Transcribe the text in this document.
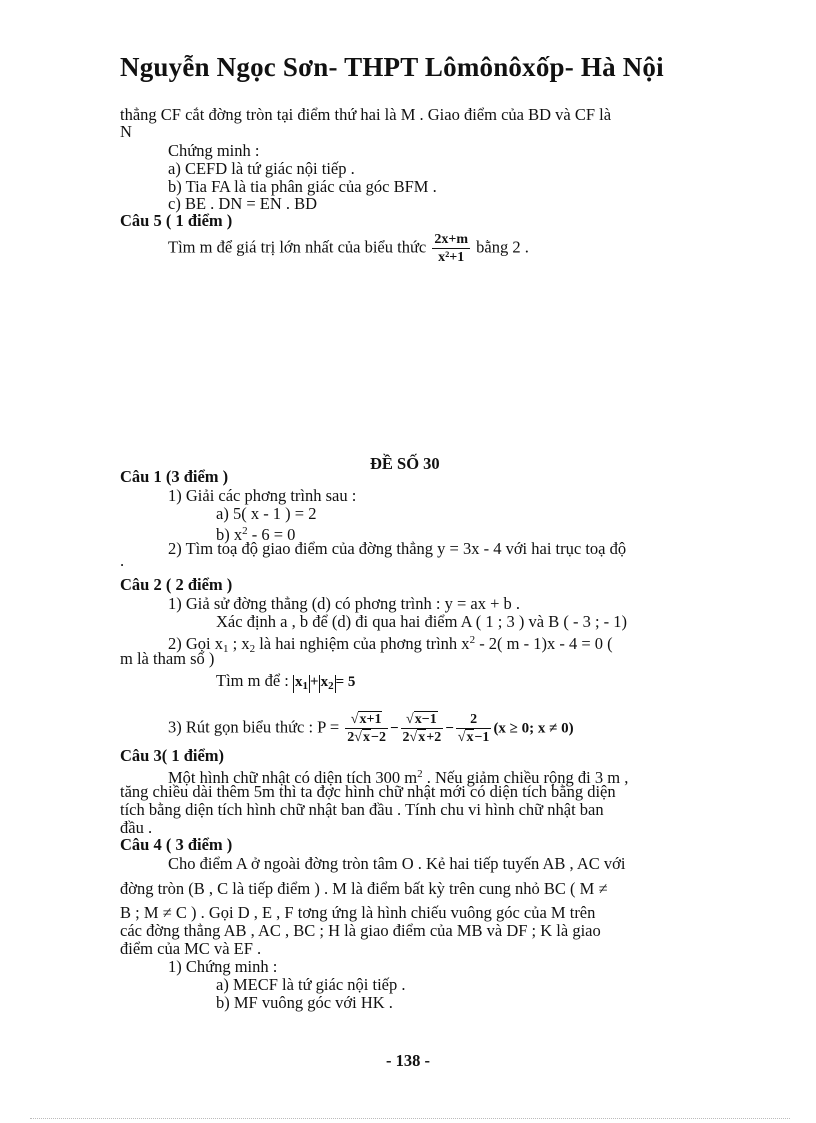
Nguyễn Ngọc Sơn- THPT Lômônôxốp- Hà Nội
thẳng CF cắt đờng tròn tại điểm thứ hai là M . Giao điểm của BD và CF là
N
Chứng minh :
a) CEFD là tứ giác nội tiếp .
b) Tia FA là tia phân giác của góc BFM .
c) BE . DN = EN . BD
Câu 5 ( 1 điểm )
Tìm m để giá trị lớn nhất của biểu thức $\frac{2x+m}{\text{x²+1}}$ bằng 2 .
ĐỀ SỐ 30
Câu 1 (3 điểm )
1) Giải các phơng trình sau :
a) 5( x - 1 ) = 2
b) $x^2 - 6 = 0$
2) Tìm toạ độ giao điểm của đờng thẳng y = 3x - 4 với hai trục toạ độ
.
Câu 2 ( 2 điểm )
1) Giả sử đờng thẳng (d) có phơng trình : y = ax + b .
Xác định a , b để (d) đi qua hai điểm A ( 1 ; 3 ) và B ( - 3 ; - 1)
2) Gọi $x_1$ ; $x_2$ là hai nghiệm của phơng trình $x^2 - 2$( m - 1)x - 4 = 0 (
m là tham số )
Tìm m để : $x_1 + x_2 = 5$
3) Rút gọn biểu thức : $P = \frac{√x+1}{2√x-2} - \frac{√x-1}{2√x+2} - \frac{2}{√x-1} (x \ge 0$; x ≠ 0)
Câu 3( 1 điểm)
Một hình chữ nhật có diện tích 300 $m^2$ . Nếu giảm chiều rộng đi 3 m ,
tăng chiều dài thêm 5m thì ta đợc hình chữ nhật mới có diện tích bằng diện
tích bằng diện tích hình chữ nhật ban đầu . Tính chu vi hình chữ nhật ban
đầu .
Câu 4 ( 3 điểm )
Cho điểm A ở ngoài đờng tròn tâm O . Kẻ hai tiếp tuyến AB , AC với
đờng tròn (B , C là tiếp điểm ) . M là điểm bất kỳ trên cung nhỏ BC ( M ≠
B ; M ≠ C ) . Gọi D , E , F tơng ứng là hình chiếu vuông góc của M trên
các đờng thẳng AB , AC , BC ; H là giao điểm của MB và DF ; K là giao
điểm của MC và EF .
1) Chứng minh :
a) MECF là tứ giác nội tiếp .
b) MF vuông góc với HK .
- 138 -
